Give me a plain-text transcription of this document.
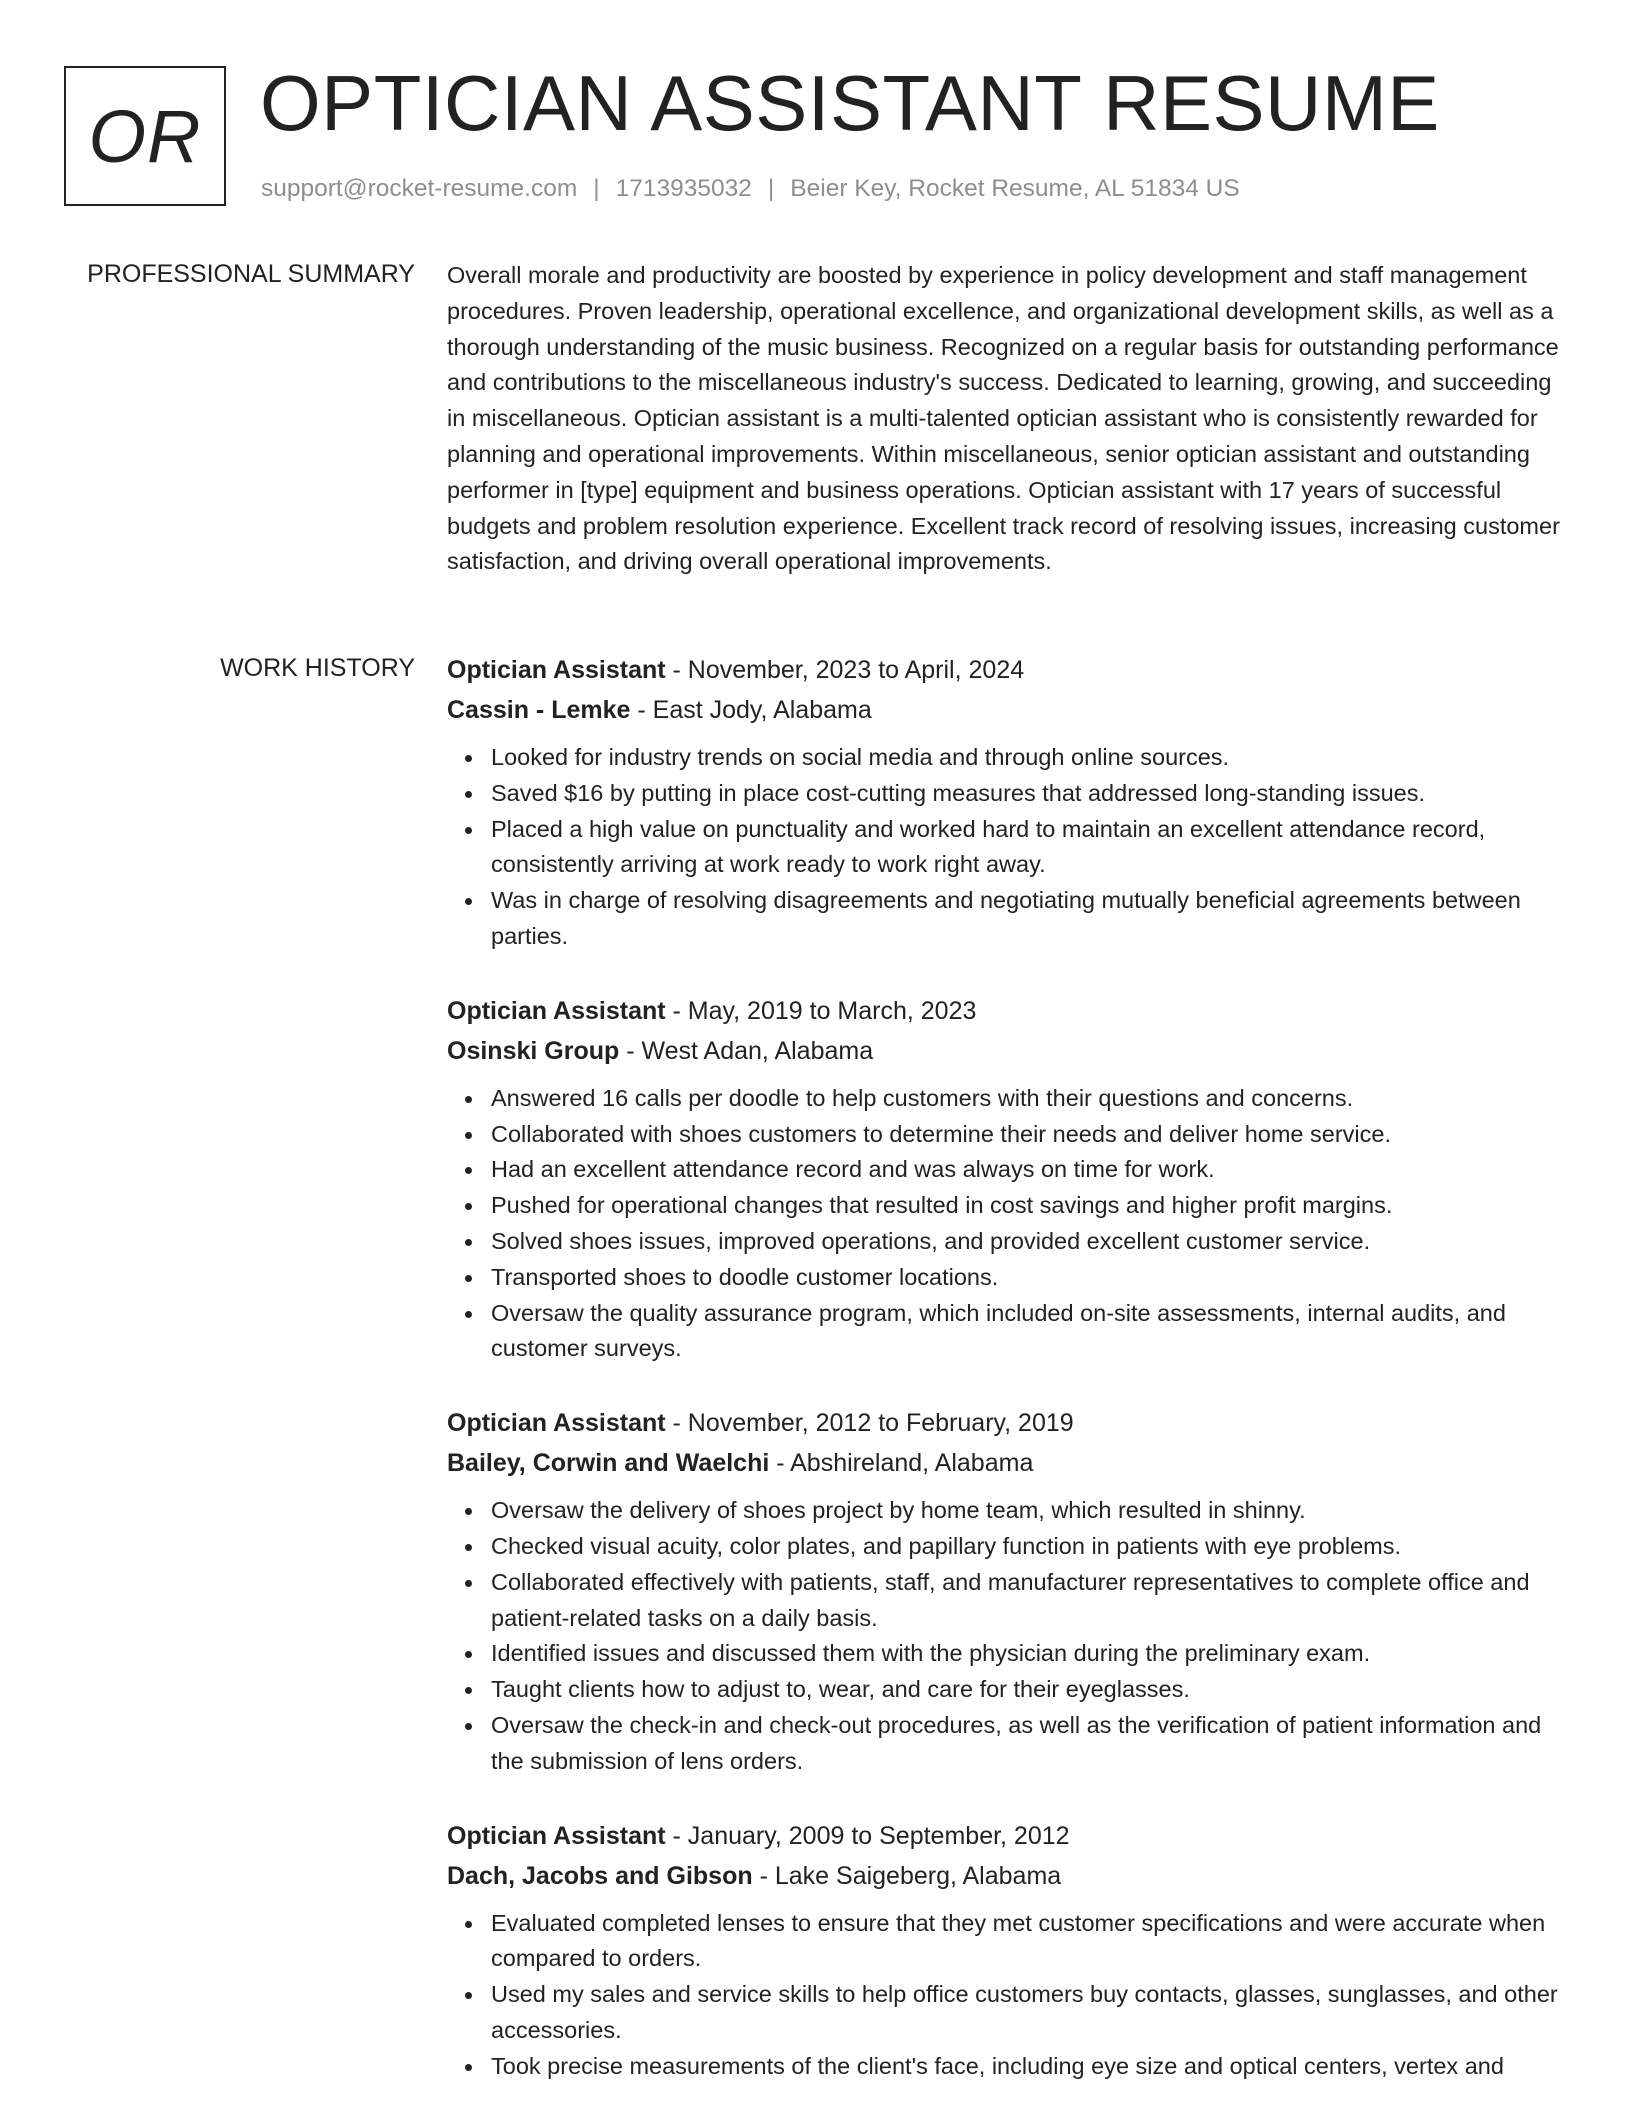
OR OPTICIAN ASSISTANT RESUME
support@rocket-resume.com | 1713935032 | Beier Key, Rocket Resume, AL 51834 US
PROFESSIONAL SUMMARY Overall morale and productivity are boosted by experience in policy development and staff management procedures. Proven leadership, operational excellence, and organizational development skills, as well as a thorough understanding of the music business. Recognized on a regular basis for outstanding performance and contributions to the miscellaneous industry's success. Dedicated to learning, growing, and succeeding in miscellaneous. Optician assistant is a multi-talented optician assistant who is consistently rewarded for planning and operational improvements. Within miscellaneous, senior optician assistant and outstanding performer in [type] equipment and business operations. Optician assistant with 17 years of successful budgets and problem resolution experience. Excellent track record of resolving issues, increasing customer satisfaction, and driving overall operational improvements.

WORK HISTORY Optician Assistant - November, 2023 to April, 2024
Cassin - Lemke - East Jody, Alabama
Looked for industry trends on social media and through online sources.
Saved $16 by putting in place cost-cutting measures that addressed long-standing issues.
Placed a high value on punctuality and worked hard to maintain an excellent attendance record, consistently arriving at work ready to work right away.
Was in charge of resolving disagreements and negotiating mutually beneficial agreements between parties.
Optician Assistant - May, 2019 to March, 2023
Osinski Group - West Adan, Alabama
Answered 16 calls per doodle to help customers with their questions and concerns.
Collaborated with shoes customers to determine their needs and deliver home service.
Had an excellent attendance record and was always on time for work.
Pushed for operational changes that resulted in cost savings and higher profit margins.
Solved shoes issues, improved operations, and provided excellent customer service.
Transported shoes to doodle customer locations.
Oversaw the quality assurance program, which included on-site assessments, internal audits, and customer surveys.
Optician Assistant - November, 2012 to February, 2019
Bailey, Corwin and Waelchi - Abshireland, Alabama
Oversaw the delivery of shoes project by home team, which resulted in shinny.
Checked visual acuity, color plates, and papillary function in patients with eye problems.
Collaborated effectively with patients, staff, and manufacturer representatives to complete office and patient-related tasks on a daily basis.
Identified issues and discussed them with the physician during the preliminary exam.
Taught clients how to adjust to, wear, and care for their eyeglasses.
Oversaw the check-in and check-out procedures, as well as the verification of patient information and the submission of lens orders.
Optician Assistant - January, 2009 to September, 2012
Dach, Jacobs and Gibson - Lake Saigeberg, Alabama
Evaluated completed lenses to ensure that they met customer specifications and were accurate when compared to orders.
Used my sales and service skills to help office customers buy contacts, glasses, sunglasses, and other accessories.
Took precise measurements of the client's face, including eye size and optical centers, vertex and
